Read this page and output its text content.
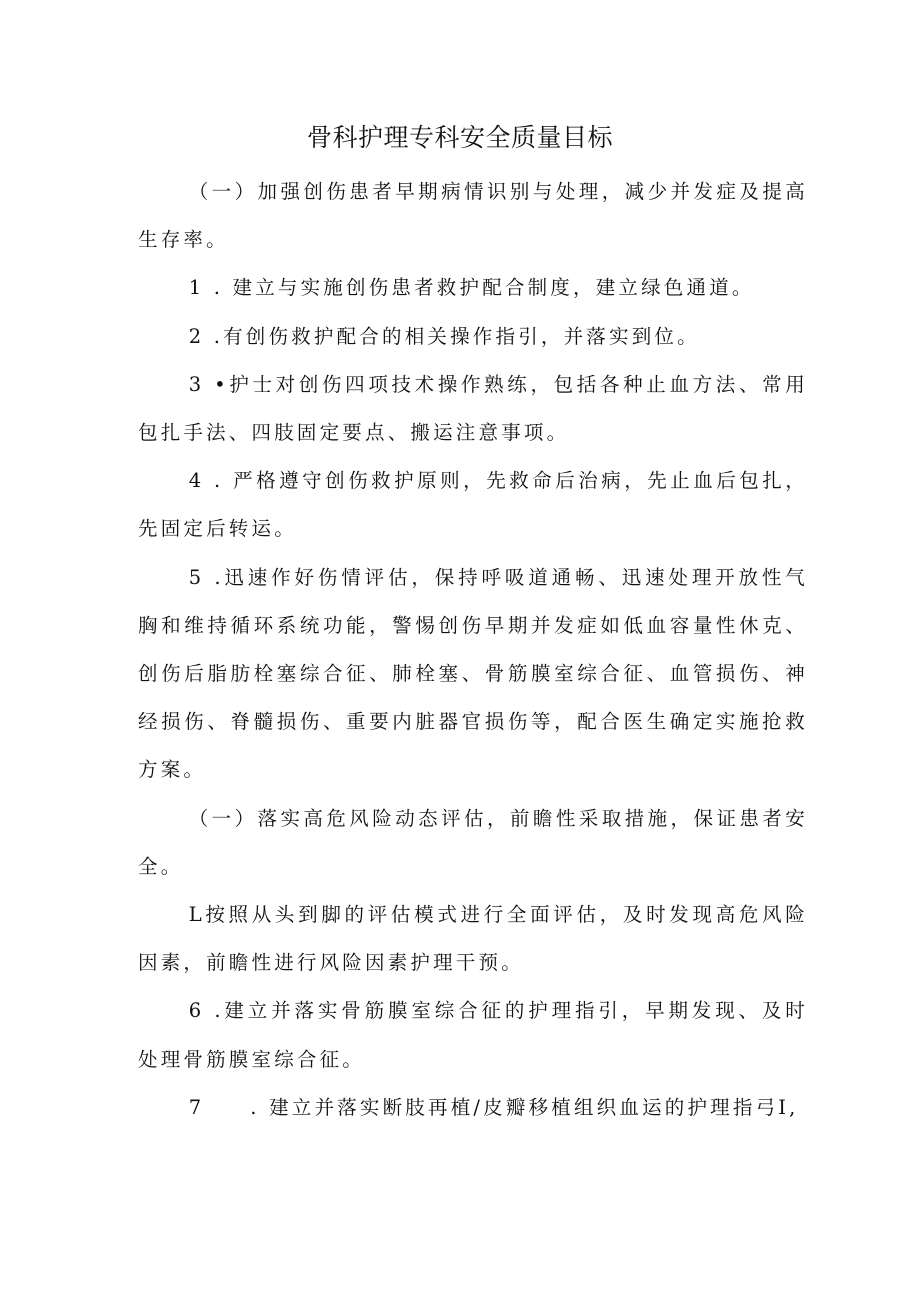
骨科护理专科安全质量目标

（一）加强创伤患者早期病情识别与处理，减少并发症及提高生存率。

1 . 建立与实施创伤患者救护配合制度，建立绿色通道。

2 .有创伤救护配合的相关操作指引，并落实到位。

3 •护士对创伤四项技术操作熟练，包括各种止血方法、常用包扎手法、四肢固定要点、搬运注意事项。

4 . 严格遵守创伤救护原则，先救命后治病，先止血后包扎，先固定后转运。

5 .迅速作好伤情评估，保持呼吸道通畅、迅速处理开放性气胸和维持循环系统功能，警惕创伤早期并发症如低血容量性休克、创伤后脂肪栓塞综合征、肺栓塞、骨筋膜室综合征、血管损伤、神经损伤、脊髓损伤、重要内脏器官损伤等，配合医生确定实施抢救方案。

（一）落实高危风险动态评估，前瞻性采取措施，保证患者安全。

L按照从头到脚的评估模式进行全面评估，及时发现高危风险因素，前瞻性进行风险因素护理干预。

6 .建立并落实骨筋膜室综合征的护理指引，早期发现、及时处理骨筋膜室综合征。

7 . 建立并落实断肢再植/皮瓣移植组织血运的护理指弓I,
